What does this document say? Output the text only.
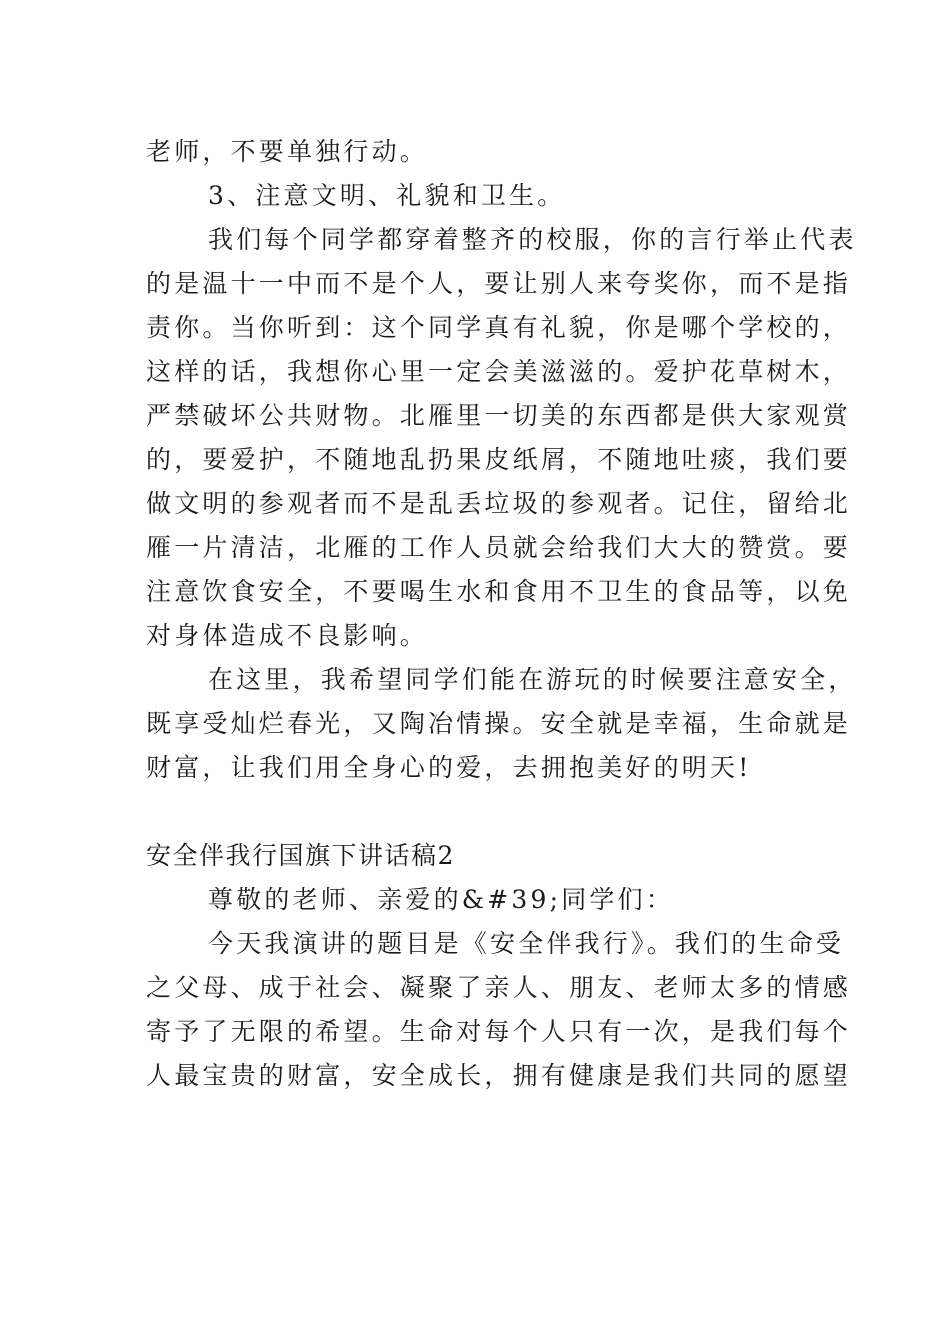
老师，不要单独行动。
3、注意文明、礼貌和卫生。
我们每个同学都穿着整齐的校服，你的言行举止代表
的是温十一中而不是个人，要让别人来夸奖你，而不是指
责你。当你听到：这个同学真有礼貌，你是哪个学校的，
这样的话，我想你心里一定会美滋滋的。爱护花草树木，
严禁破坏公共财物。北雁里一切美的东西都是供大家观赏
的，要爱护，不随地乱扔果皮纸屑，不随地吐痰，我们要
做文明的参观者而不是乱丢垃圾的参观者。记住，留给北
雁一片清洁，北雁的工作人员就会给我们大大的赞赏。要
注意饮食安全，不要喝生水和食用不卫生的食品等，以免
对身体造成不良影响。
在这里，我希望同学们能在游玩的时候要注意安全，
既享受灿烂春光，又陶冶情操。安全就是幸福，生命就是
财富，让我们用全身心的爱，去拥抱美好的明天!
安全伴我行国旗下讲话稿2
尊敬的老师、亲爱的&#39;同学们：
今天我演讲的题目是《安全伴我行》。我们的生命受
之父母、成于社会、凝聚了亲人、朋友、老师太多的情感
寄予了无限的希望。生命对每个人只有一次，是我们每个
人最宝贵的财富，安全成长，拥有健康是我们共同的愿望
